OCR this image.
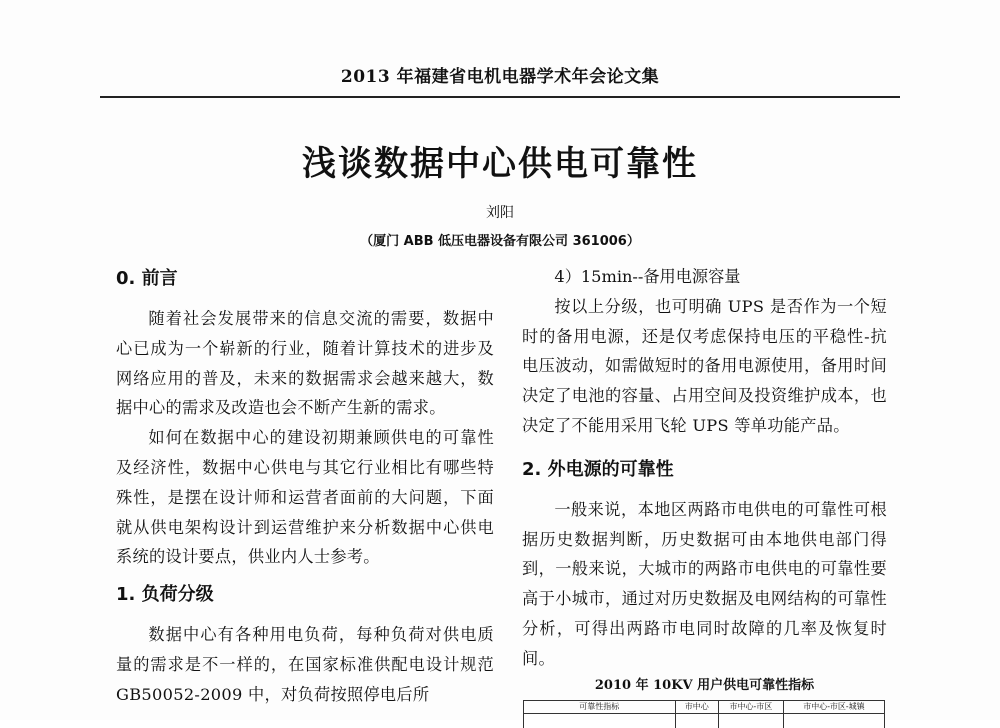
2013 年福建省电机电器学术年会论文集
浅谈数据中心供电可靠性
刘阳
（厦门 ABB 低压电器设备有限公司 361006）
0. 前言

随着社会发展带来的信息交流的需要，数据中心已成为一个崭新的行业，随着计算技术的进步及网络应用的普及，未来的数据需求会越来越大，数据中心的需求及改造也会不断产生新的需求。

如何在数据中心的建设初期兼顾供电的可靠性及经济性，数据中心供电与其它行业相比有哪些特殊性，是摆在设计师和运营者面前的大问题，下面就从供电架构设计到运营维护来分析数据中心供电系统的设计要点，供业内人士参考。

1. 负荷分级

数据中心有各种用电负荷，每种负荷对供电质量的需求是不一样的，在国家标准供配电设计规范 GB50052-2009 中，对负荷按照停电后所

4）15min--备用电源容量

按以上分级，也可明确 UPS 是否作为一个短时的备用电源，还是仅考虑保持电压的平稳性-抗电压波动，如需做短时的备用电源使用，备用时间决定了电池的容量、占用空间及投资维护成本，也决定了不能用采用飞轮 UPS 等单功能产品。

2. 外电源的可靠性

一般来说，本地区两路市电供电的可靠性可根据历史数据判断，历史数据可由本地供电部门得到，一般来说，大城市的两路市电供电的可靠性要高于小城市，通过对历史数据及电网结构的可靠性分析，可得出两路市电同时故障的几率及恢复时间。

2010 年 10KV 用户供电可靠性指标
可靠性指标	市中心	市中心-市区	市中心-市区-城镇
